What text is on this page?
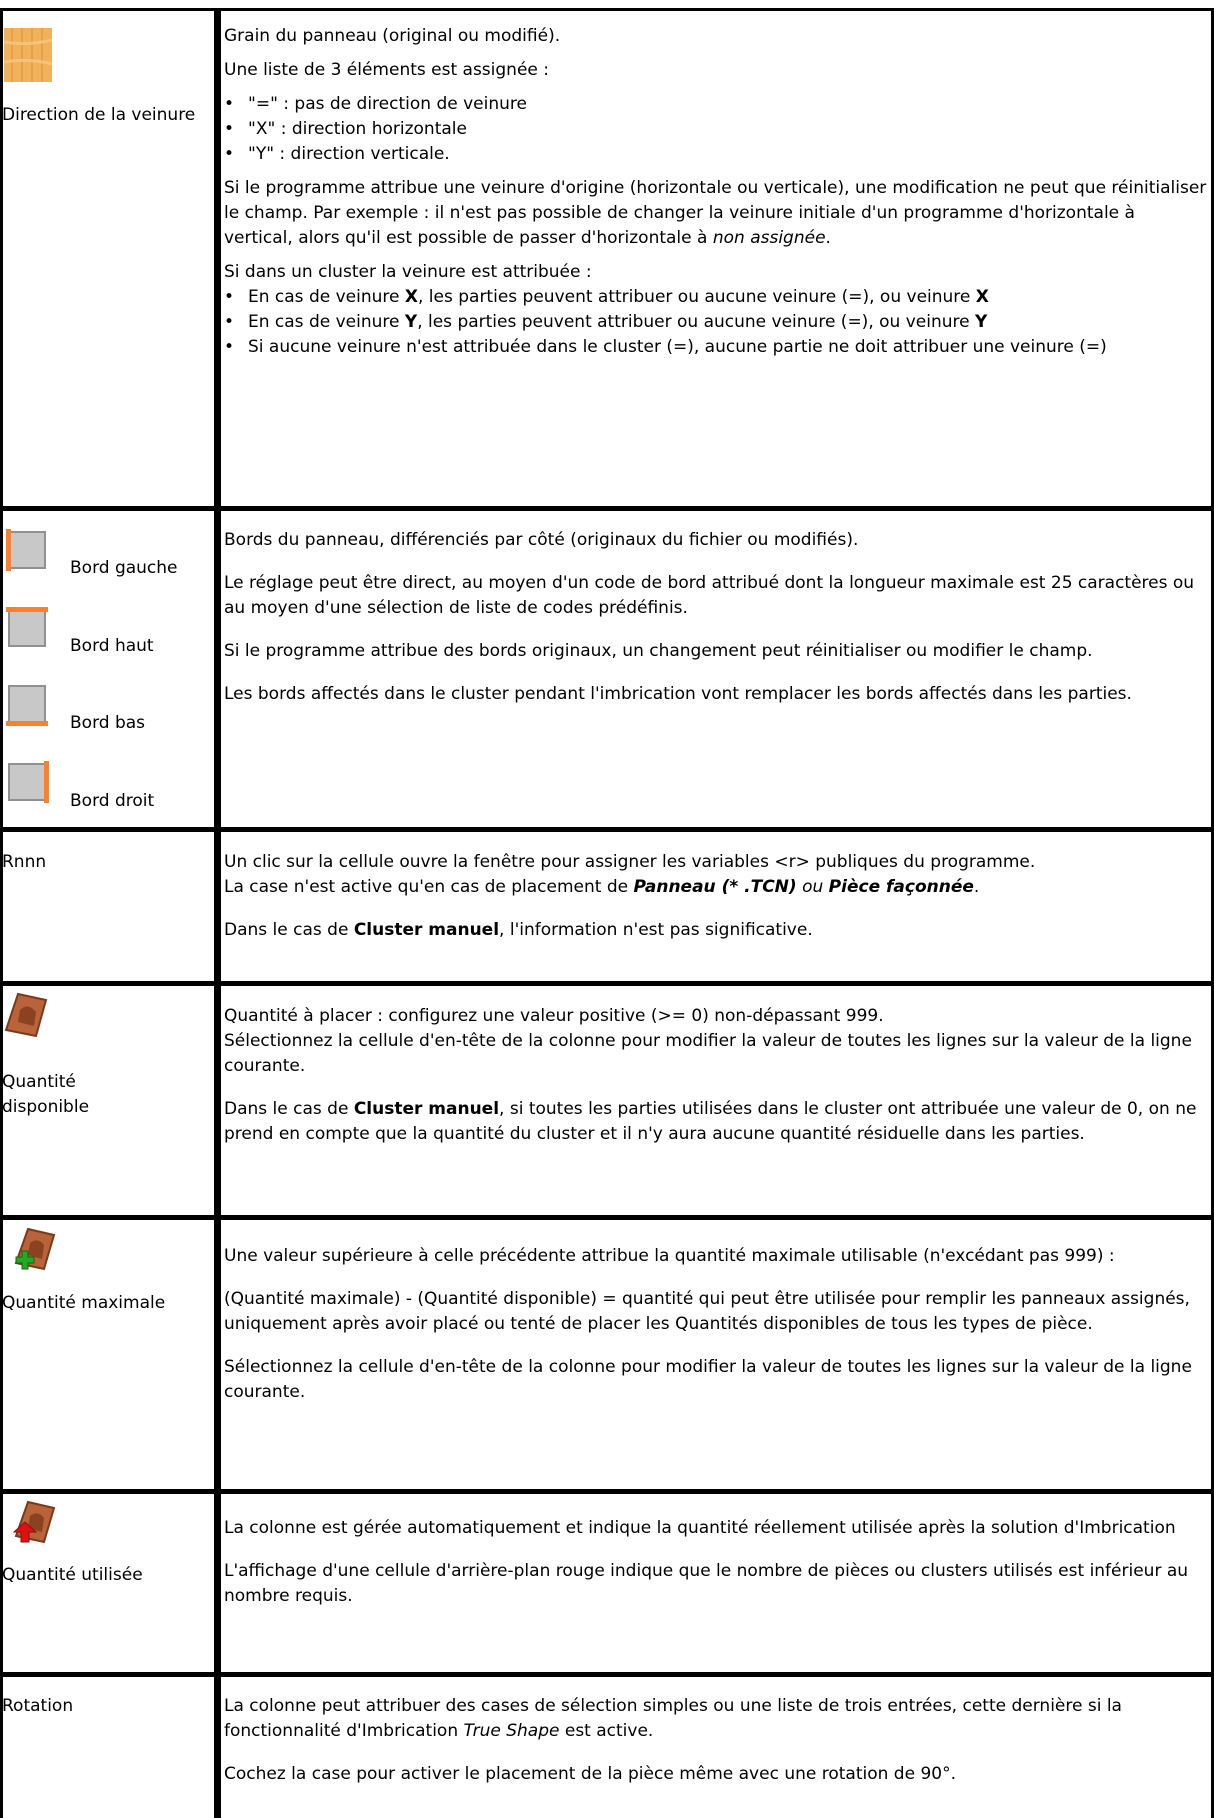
Direction de la veinure

Grain du panneau (original ou modifié).

Une liste de 3 éléments est assignée :

• "=" : pas de direction de veinure
• "X" : direction horizontale
• "Y" : direction verticale.

Si le programme attribue une veinure d'origine (horizontale ou verticale), une modification ne peut que réinitialiser le champ. Par exemple : il n'est pas possible de changer la veinure initiale d'un programme d'horizontale à vertical, alors qu'il est possible de passer d'horizontale à non assignée.

Si dans un cluster la veinure est attribuée :

• En cas de veinure X, les parties peuvent attribuer ou aucune veinure (=), ou veinure X
• En cas de veinure Y, les parties peuvent attribuer ou aucune veinure (=), ou veinure Y
• Si aucune veinure n'est attribuée dans le cluster (=), aucune partie ne doit attribuer une veinure (=)
Bord gauche
Bord haut
Bord bas
Bord droit

Bords du panneau, différenciés par côté (originaux du fichier ou modifiés).

Le réglage peut être direct, au moyen d'un code de bord attribué dont la longueur maximale est 25 caractères ou au moyen d'une sélection de liste de codes prédéfinis.

Si le programme attribue des bords originaux, un changement peut réinitialiser ou modifier le champ.

Les bords affectés dans le cluster pendant l'imbrication vont remplacer les bords affectés dans les parties.

Rnnn	Un clic sur la cellule ouvre la fenêtre pour assigner les variables <r> publiques du programme.

La case n'est active qu'en cas de placement de Panneau (* .TCN) ou Pièce façonnée.

Dans le cas de Cluster manuel, l'information n'est pas significative.

Quantité disponible

Quantité à placer : configurez une valeur positive (>= 0) non-dépassant 999.

Sélectionnez la cellule d'en-tête de la colonne pour modifier la valeur de toutes les lignes sur la valeur de la ligne courante.

Dans le cas de Cluster manuel, si toutes les parties utilisées dans le cluster ont attribuée une valeur de 0, on ne prend en compte que la quantité du cluster et il n'y aura aucune quantité résiduelle dans les parties.

Quantité maximale

Une valeur supérieure à celle précédente attribue la quantité maximale utilisable (n'excédant pas 999) :

(Quantité maximale) - (Quantité disponible) = quantité qui peut être utilisée pour remplir les panneaux assignés, uniquement après avoir placé ou tenté de placer les Quantités disponibles de tous les types de pièce.

Sélectionnez la cellule d'en-tête de la colonne pour modifier la valeur de toutes les lignes sur la valeur de la ligne courante.

Quantité utilisée

La colonne est gérée automatiquement et indique la quantité réellement utilisée après la solution d'Imbrication

L'affichage d'une cellule d'arrière-plan rouge indique que le nombre de pièces ou clusters utilisés est inférieur au nombre requis.

Rotation	La colonne peut attribuer des cases de sélection simples ou une liste de trois entrées, cette dernière si la fonctionnalité d'Imbrication True Shape est active.

Cochez la case pour activer le placement de la pièce même avec une rotation de 90°.
